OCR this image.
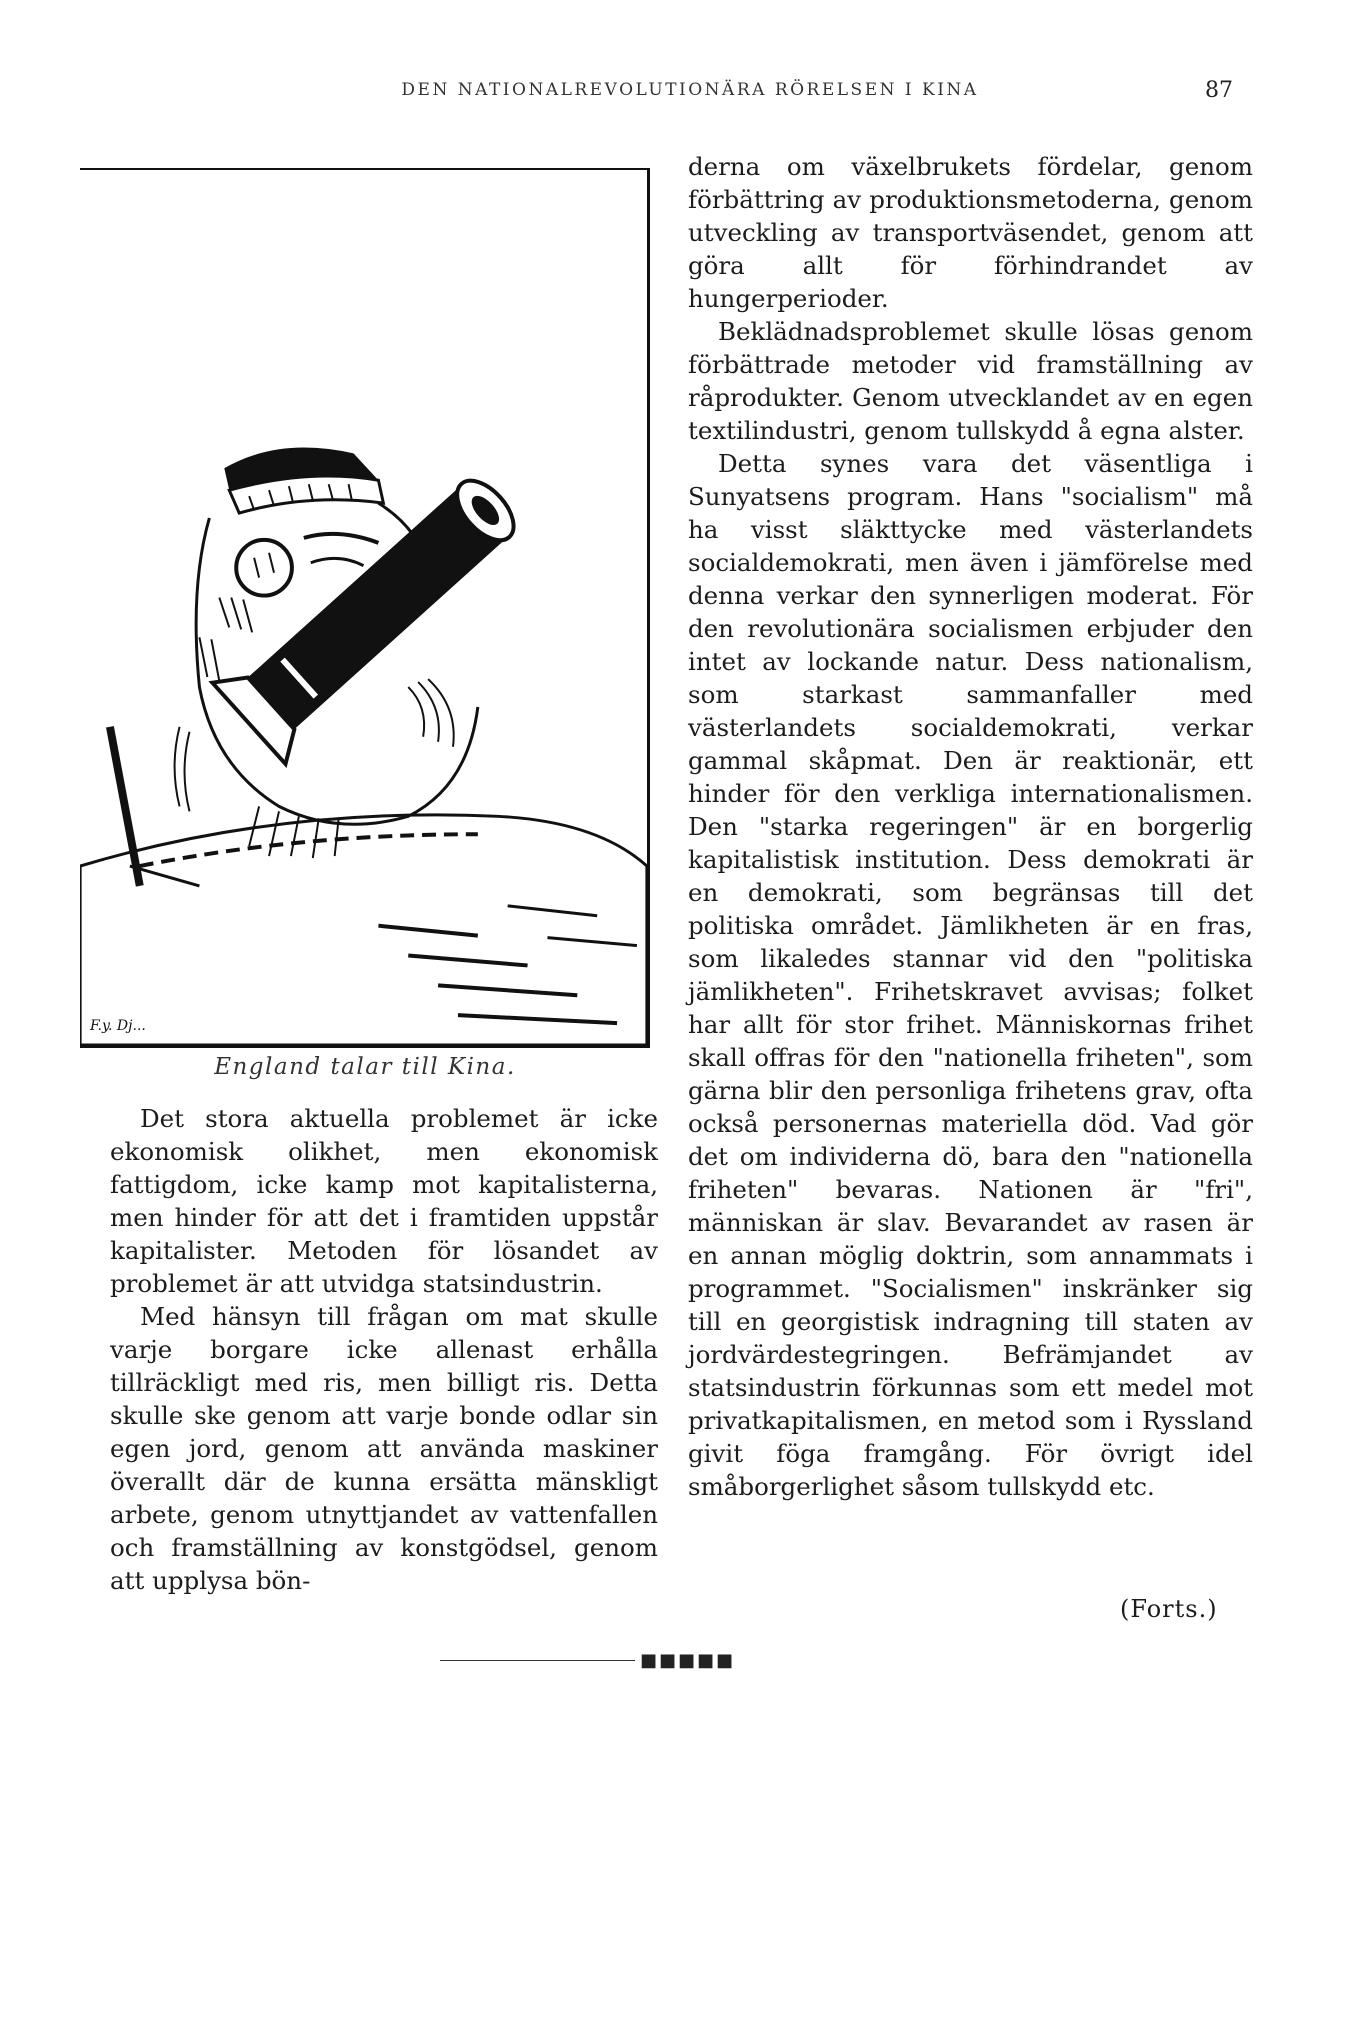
DEN NATIONALREVOLUTIONÄRA RÖRELSEN I KINA	87
F.y. Dj...
England talar till Kina.

Det stora aktuella problemet är icke ekonomisk olikhet, men ekonomisk fattigdom, icke kamp mot kapitalisterna, men hinder för att det i framtiden uppstår kapitalister. Metoden för lösandet av problemet är att utvidga statsindustrin.

Med hänsyn till frågan om mat skulle varje borgare icke allenast erhålla tillräckligt med ris, men billigt ris. Detta skulle ske genom att varje bonde odlar sin egen jord, genom att använda maskiner överallt där de kunna ersätta mänskligt arbete, genom utnyttjandet av vattenfallen och framställning av konstgödsel, genom att upplysa bön-

derna om växelbrukets fördelar, genom förbättring av produktionsmetoderna, genom utveckling av transportväsendet, genom att göra allt för förhindrandet av hungerperioder.

Beklädnadsproblemet skulle lösas genom förbättrade metoder vid framställning av råprodukter. Genom utvecklandet av en egen textilindustri, genom tullskydd å egna alster.

Detta synes vara det väsentliga i Sunyatsens program. Hans "socialism" må ha visst släkttycke med västerlandets socialdemokrati, men även i jämförelse med denna verkar den synnerligen moderat. För den revolutionära socialismen erbjuder den intet av lockande natur. Dess nationalism, som starkast sammanfaller med västerlandets socialdemokrati, verkar gammal skåpmat. Den är reaktionär, ett hinder för den verkliga internationalismen. Den "starka regeringen" är en borgerlig kapitalistisk institution. Dess demokrati är en demokrati, som begränsas till det politiska området. Jämlikheten är en fras, som likaledes stannar vid den "politiska jämlikheten". Frihetskravet avvisas; folket har allt för stor frihet. Människornas frihet skall offras för den "nationella friheten", som gärna blir den personliga frihetens grav, ofta också personernas materiella död. Vad gör det om individerna dö, bara den "nationella friheten" bevaras. Nationen är "fri", människan är slav. Bevarandet av rasen är en annan möglig doktrin, som annammats i programmet. "Socialismen" inskränker sig till en georgistisk indragning till staten av jordvärdestegringen. Befrämjandet av statsindustrin förkunnas som ett medel mot privatkapitalismen, en metod som i Ryssland givit föga framgång. För övrigt idel småborgerlighet såsom tullskydd etc.

(Forts.)
■■■■■
